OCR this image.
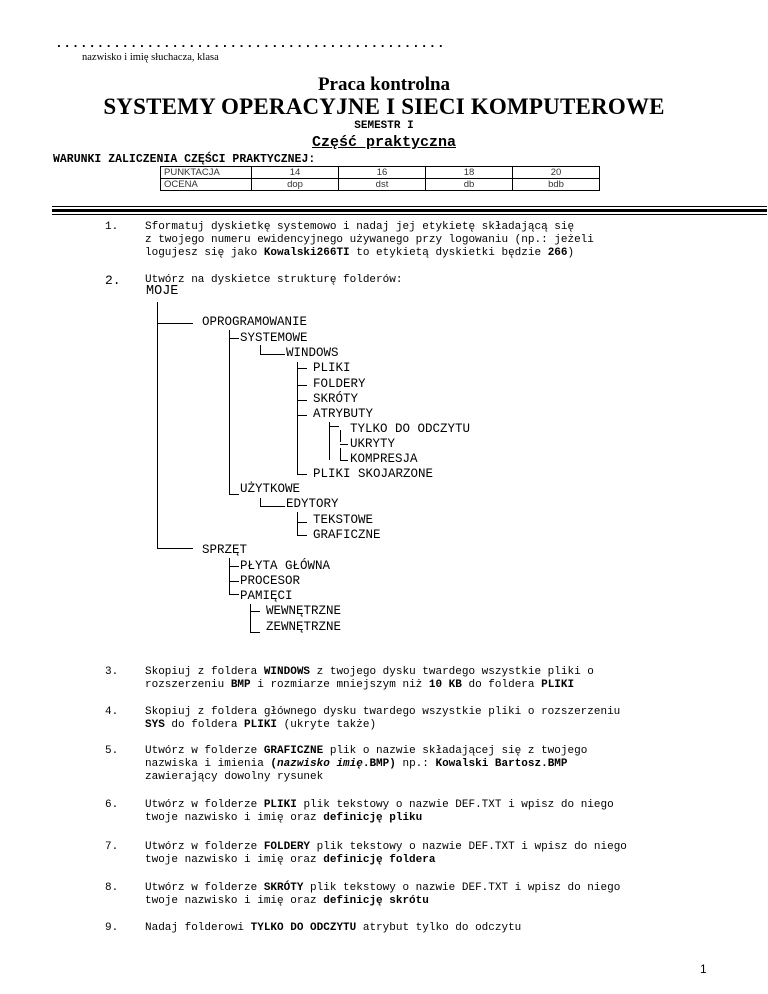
...............................................
nazwisko i imię słuchacza, klasa
Praca kontrolna
SYSTEMY OPERACYJNE I SIECI KOMPUTEROWE
SEMESTR I
Część praktyczna
WARUNKI ZALICZENIA CZĘŚCI PRAKTYCZNEJ:
PUNKTACJA	14	16	18	20
OCENA	dop	dst	db	bdb
1. Sformatuj dyskietkę systemowo i nadaj jej etykietę składającą się
z twojego numeru ewidencyjnego używanego przy logowaniu (np.: jeżeli
logujesz się jako Kowalski266TI to etykietą dyskietki będzie 266)
2. Utwórz na dyskietce strukturę folderów:
MOJE
OPROGRAMOWANIE
SYSTEMOWE
WINDOWS
PLIKI
FOLDERY
SKRÓTY
ATRYBUTY
TYLKO DO ODCZYTU
UKRYTY
KOMPRESJA
PLIKI SKOJARZONE
UŻYTKOWE
EDYTORY
TEKSTOWE
GRAFICZNE
SPRZĘT
PŁYTA GŁÓWNA
PROCESOR
PAMIĘCI
WEWNĘTRZNE
ZEWNĘTRZNE
3. Skopiuj z foldera WINDOWS z twojego dysku twardego wszystkie pliki o
rozszerzeniu BMP i rozmiarze mniejszym niż 10 KB do foldera PLIKI
4. Skopiuj z foldera głównego dysku twardego wszystkie pliki o rozszerzeniu
SYS do foldera PLIKI (ukryte także)
5. Utwórz w folderze GRAFICZNE plik o nazwie składającej się z twojego
nazwiska i imienia (nazwisko imię.BMP) np.: Kowalski Bartosz.BMP
zawierający dowolny rysunek
6. Utwórz w folderze PLIKI plik tekstowy o nazwie DEF.TXT i wpisz do niego
twoje nazwisko i imię oraz definicję pliku
7. Utwórz w folderze FOLDERY plik tekstowy o nazwie DEF.TXT i wpisz do niego
twoje nazwisko i imię oraz definicję foldera
8. Utwórz w folderze SKRÓTY plik tekstowy o nazwie DEF.TXT i wpisz do niego
twoje nazwisko i imię oraz definicję skrótu
9. Nadaj folderowi TYLKO DO ODCZYTU atrybut tylko do odczytu
1
